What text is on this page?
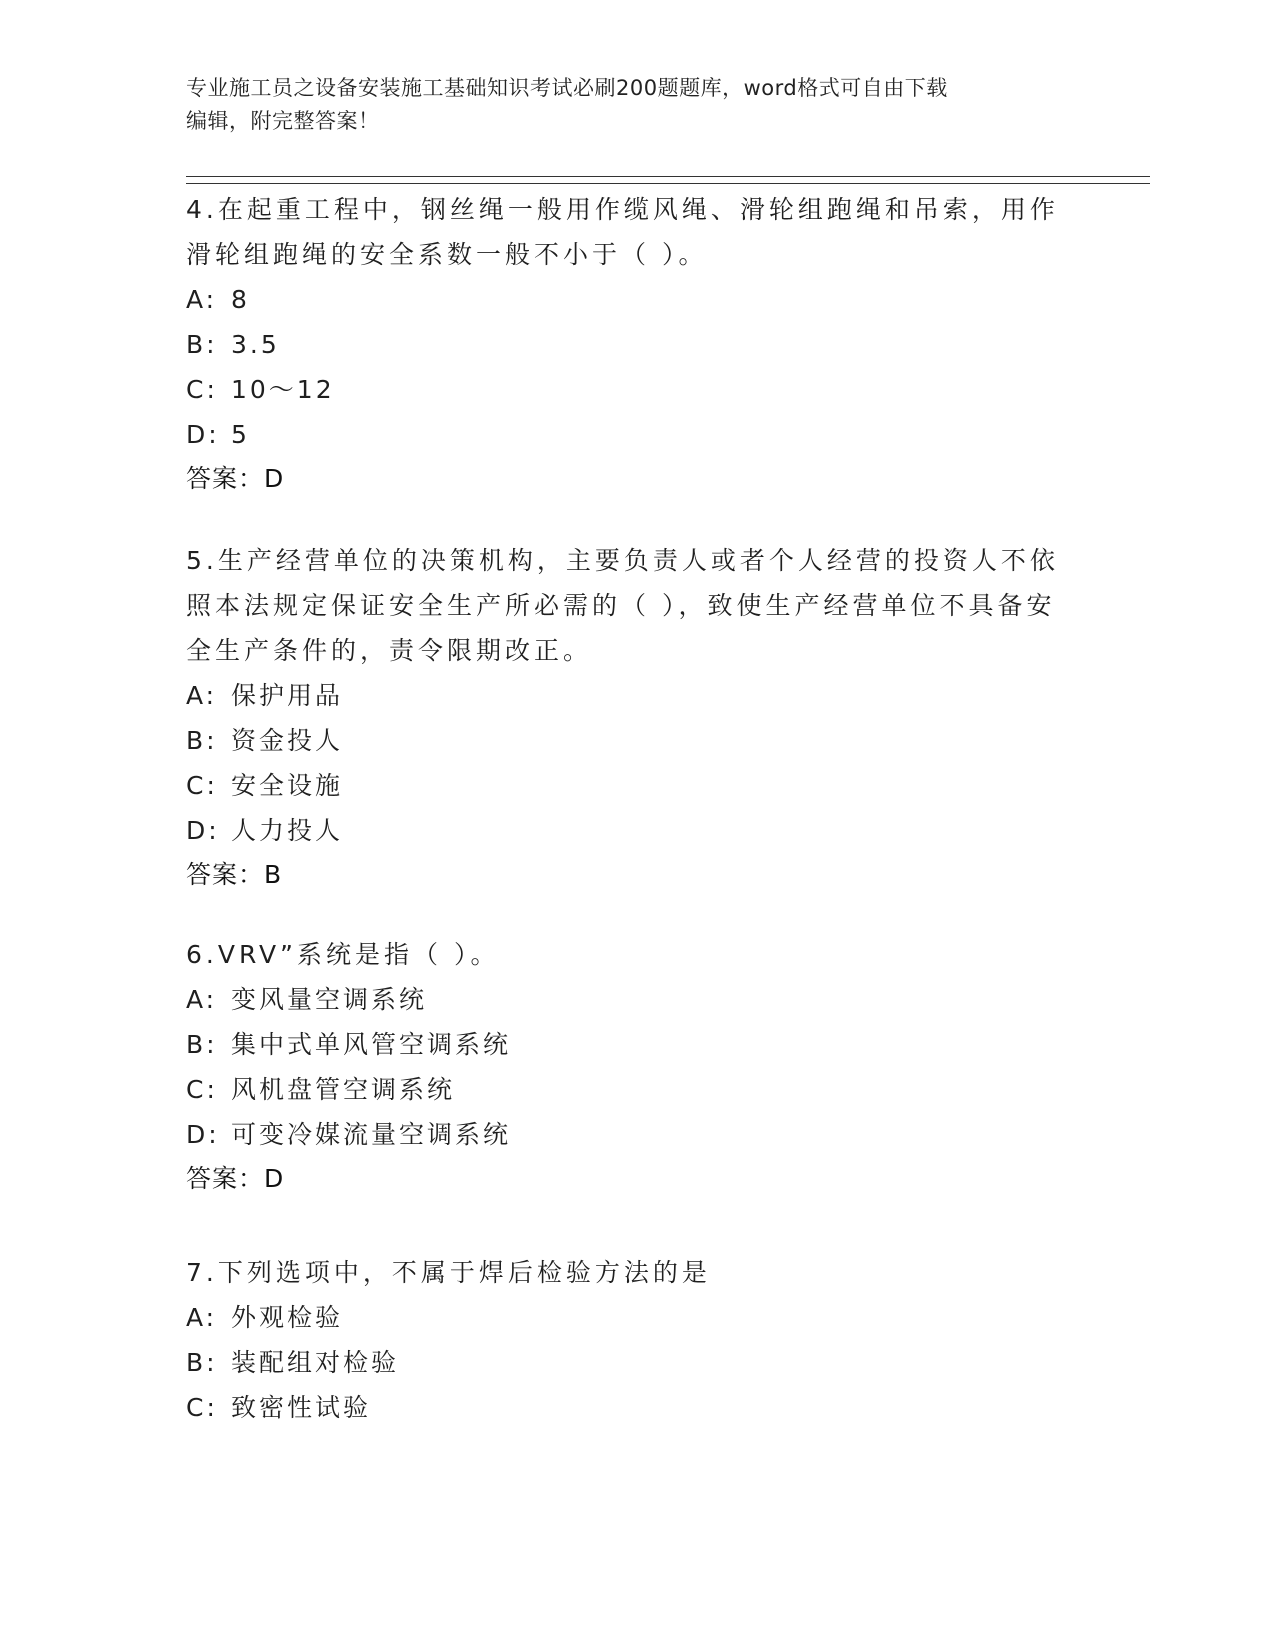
专业施工员之设备安装施工基础知识考试必刷200题题库，word格式可自由下载
编辑，附完整答案！
4.在起重工程中，钢丝绳一般用作缆风绳、滑轮组跑绳和吊索，用作
滑轮组跑绳的安全系数一般不小于（ ）。
A: 8
B: 3.5
C: 10～12
D: 5
答案：D
5.生产经营单位的决策机构，主要负责人或者个人经营的投资人不依
照本法规定保证安全生产所必需的（ ），致使生产经营单位不具备安
全生产条件的，责令限期改正。
A: 保护用品
B: 资金投人
C: 安全设施
D: 人力投人
答案：B
6.VRV”系统是指（ ）。
A: 变风量空调系统
B: 集中式单风管空调系统
C: 风机盘管空调系统
D: 可变冷媒流量空调系统
答案：D
7.下列选项中，不属于焊后检验方法的是
A: 外观检验
B: 装配组对检验
C: 致密性试验
